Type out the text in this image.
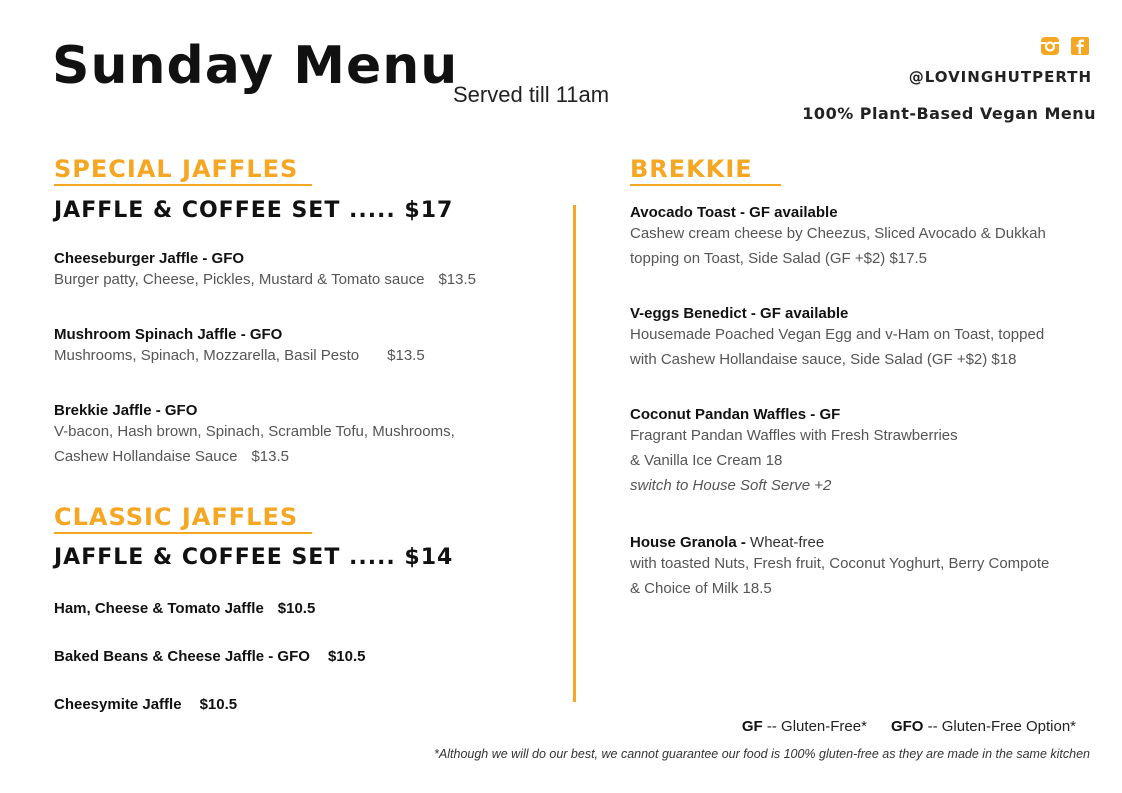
Sunday Menu
Served till 11am
@LOVINGHUTPERTH
100% Plant-Based Vegan Menu
SPECIAL JAFFLES
JAFFLE & COFFEE SET ..... $17
Cheeseburger Jaffle - GFO
Burger patty, Cheese, Pickles, Mustard & Tomato sauce $13.5
Mushroom Spinach Jaffle - GFO
Mushrooms, Spinach, Mozzarella, Basil Pesto $13.5
Brekkie Jaffle - GFO
V-bacon, Hash brown, Spinach, Scramble Tofu, Mushrooms,
Cashew Hollandaise Sauce $13.5
CLASSIC JAFFLES
JAFFLE & COFFEE SET ..... $14
Ham, Cheese & Tomato Jaffle $10.5
Baked Beans & Cheese Jaffle - GFO $10.5
Cheesymite Jaffle $10.5
BREKKIE
Avocado Toast - GF available
Cashew cream cheese by Cheezus, Sliced Avocado & Dukkah
topping on Toast, Side Salad (GF +$2) $17.5
V-eggs Benedict - GF available
Housemade Poached Vegan Egg and v-Ham on Toast, topped
with Cashew Hollandaise sauce, Side Salad (GF +$2) $18
Coconut Pandan Waffles - GF
Fragrant Pandan Waffles with Fresh Strawberries
& Vanilla Ice Cream 18
switch to House Soft Serve +2
House Granola - Wheat-free
with toasted Nuts, Fresh fruit, Coconut Yoghurt, Berry Compote
& Choice of Milk 18.5
GF -- Gluten-Free* GFO -- Gluten-Free Option*
*Although we will do our best, we cannot guarantee our food is 100% gluten-free as they are made in the same kitchen
